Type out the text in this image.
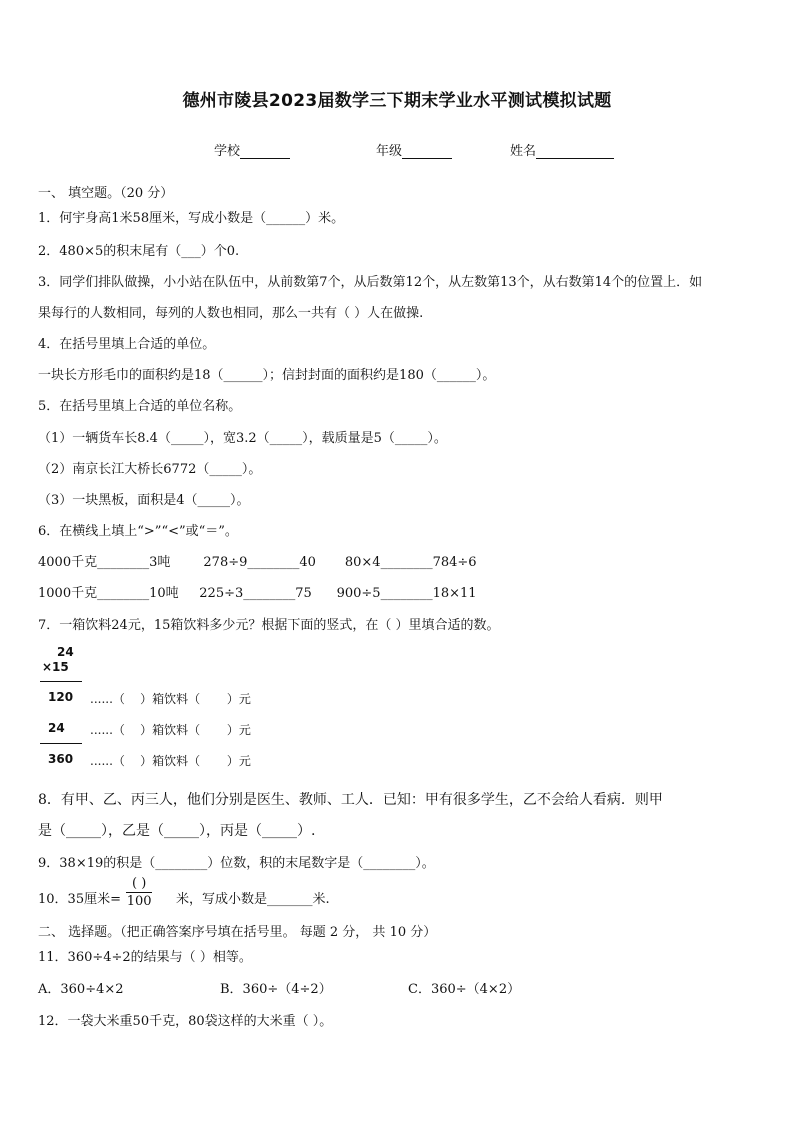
德州市陵县2023届数学三下期末学业水平测试模拟试题
学校	年级	姓名
一、 填空题。（20 分）
1．何宇身高1米58厘米，写成小数是（______）米。
2．480×5的积末尾有（___）个0.
3．同学们排队做操，小小站在队伍中，从前数第7个，从后数第12个，从左数第13个，从右数第14个的位置上．如
果每行的人数相同，每列的人数也相同，那么一共有（ ）人在做操.
4．在括号里填上合适的单位。
一块长方形毛巾的面积约是18（______）；信封封面的面积约是180（______）。
5．在括号里填上合适的单位名称。
（1）一辆货车长8.4（_____），宽3.2（_____），载质量是5（_____）。
（2）南京长江大桥长6772（_____）。
（3）一块黑板，面积是4（_____）。
6．在横线上填上“>”“<”或“＝”。
4000千克________3吨        278÷9________40       80×4________784÷6
1000千克________10吨     225÷3________75      900÷5________18×11
7．一箱饮料24元，15箱饮料多少元？根据下面的竖式，在（ ）里填合适的数。
24
×15
120
24
360
......（    ）箱饮料（       ）元
......（    ）箱饮料（       ）元
......（    ）箱饮料（       ）元
8．有甲、乙、丙三人，他们分别是医生、教师、工人．已知：甲有很多学生，乙不会给人看病．则甲
是（_____），乙是（_____），丙是（_____）.
9．38×19的积是（________）位数，积的末尾数字是（________）。
10．35厘米=
( )
100 米，写成小数是_______米.
二、 选择题。（把正确答案序号填在括号里。 每题 2 分， 共 10 分）
11．360÷4÷2的结果与（ ）相等。
A．360÷4×2	B．360÷（4÷2）	C．360÷（4×2）
12．一袋大米重50千克，80袋这样的大米重（ ）。
